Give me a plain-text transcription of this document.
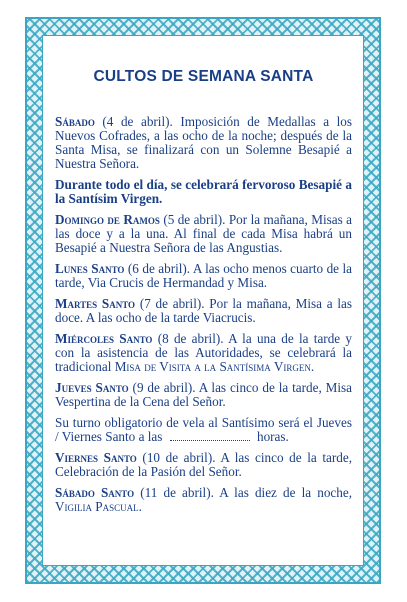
CULTOS DE SEMANA SANTA

Sábado (4 de abril). Imposición de Medallas a los Nuevos Cofrades, a las ocho de la noche; después de la Santa Misa, se finalizará con un Solemne Besapié a Nuestra Señora.

Durante todo el día, se celebrará fervoroso Besapié a la Santísim Virgen.

Domingo de Ramos (5 de abril). Por la mañana, Misas a las doce y a la una. Al final de cada Misa habrá un Besapié a Nuestra Señora de las Angustias.

Lunes Santo (6 de abril). A las ocho menos cuarto de la tarde, Via Crucis de Hermandad y Misa.

Martes Santo (7 de abril). Por la mañana, Misa a las doce. A las ocho de la tarde Viacrucis.

Miércoles Santo (8 de abril). A la una de la tarde y con la asistencia de las Autoridades, se celebrará la tradicional Misa de Visita a la Santísima Virgen.

Jueves Santo (9 de abril). A las cinco de la tarde, Misa Vespertina de la Cena del Señor.

Su turno obligatorio de vela al Santísimo será el Jueves / Viernes Santo a las	horas.

Viernes Santo (10 de abril). A las cinco de la tarde, Celebración de la Pasión del Señor.

Sábado Santo (11 de abril). A las diez de la noche, Vigilia Pascual.
